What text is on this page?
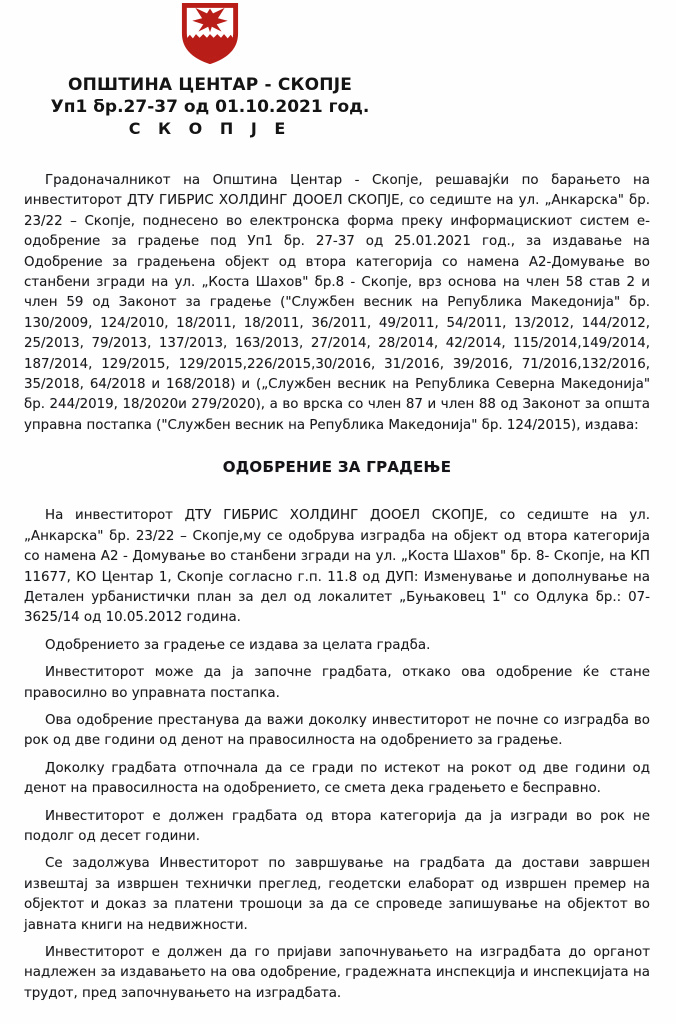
ОПШТИНА ЦЕНТАР - СКОПЈЕ
Уп1 бр.27-37 од 01.10.2021 год.
С К О П Ј Е

Градоначалникот на Општина Центар - Скопје, решавајќи по барањето на инвеститорот ДТУ ГИБРИС ХОЛДИНГ ДООЕЛ СКОПЈЕ, со седиште на ул. „Анкарска" бр. 23/22 – Скопје, поднесено во електронска форма преку информацискиот систем е-одобрение за градење под Уп1 бр. 27-37 од 25.01.2021 год., за издавање на Одобрение за градењена објект од втора категорија со намена А2-Домување во станбени згради на ул. „Коста Шахов" бр.8 - Скопје, врз основа на член 58 став 2 и член 59 од Законот за градење ("Службен весник на Република Македонија" бр. 130/2009, 124/2010, 18/2011, 18/2011, 36/2011, 49/2011, 54/2011, 13/2012, 144/2012, 25/2013, 79/2013, 137/2013, 163/2013, 27/2014, 28/2014, 42/2014, 115/2014,149/2014, 187/2014, 129/2015, 129/2015,226/2015,30/2016, 31/2016, 39/2016, 71/2016,132/2016, 35/2018, 64/2018 и 168/2018) и („Службен весник на Република Северна Македонија" бр. 244/2019, 18/2020и 279/2020), а во врска со член 87 и член 88 од Законот за општа управна постапка ("Службен весник на Република Македонија" бр. 124/2015), издава:

ОДОБРЕНИЕ ЗА ГРАДЕЊЕ

На инвеститорот ДТУ ГИБРИС ХОЛДИНГ ДООЕЛ СКОПЈЕ, со седиште на ул. „Анкарска" бр. 23/22 – Скопје,му се одобрува изградба на објект од втора категорија со намена А2 - Домување во станбени згради на ул. „Коста Шахов" бр. 8- Скопје, на КП 11677, КО Центар 1, Скопје согласно г.п. 11.8 од ДУП: Изменување и дополнување на Детален урбанистички план за дел од локалитет „Буњаковец 1" со Одлука бр.: 07-3625/14 од 10.05.2012 година.

Одобрението за градење се издава за целата градба.

Инвеститорот може да ја започне градбата, откако ова одобрение ќе стане правосилно во управната постапка.

Ова одобрение престанува да важи доколку инвеститорот не почне со изградба во рок од две години од денот на правосилноста на одобрението за градење.

Доколку градбата отпочнала да се гради по истекот на рокот од две години од денот на правосилноста на одобрението, се смета дека градењето е бесправно.

Инвеститорот е должен градбата од втора категорија да ја изгради во рок не подолг од десет години.

Се задолжува Инвеститорот по завршување на градбата да достави завршен извештај за извршен технички преглед, геодетски елаборат од извршен премер на објектот и доказ за платени трошоци за да се спроведе запишување на објектот во јавната книги на недвижности.

Инвеститорот е должен да го пријави започнувањето на изградбата до органот надлежен за издавањето на ова одобрение, градежната инспекција и инспекцијата на трудот, пред започнувањето на изградбата.
